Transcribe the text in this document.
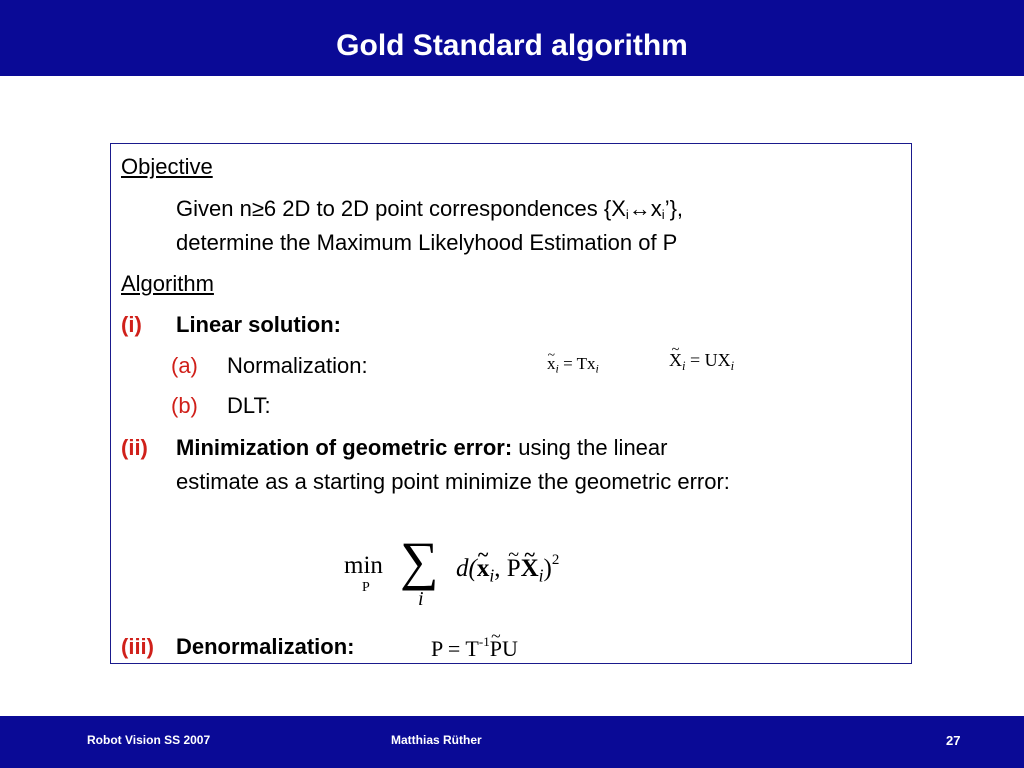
Gold Standard algorithm
Objective
Given n≥6 2D to 2D point correspondences $\{X_i\leftrightarrow x_i’\}$,
determine the Maximum Likelyhood Estimation of P
Algorithm
(i) Linear solution:
(a) Normalization:
(b) DLT:
(ii) Minimization of geometric error: using the linear
estimate as a starting point minimize the geometric error:
(iii) Denormalization:
~ $x_i = Tx_i$
~	$X_i = UX_i$
min
P ∑
i
d(~ $x_i$, ~ P~ $X_i)^2$
$P = T^{-1}\sim$ PU
Robot Vision SS 2007	Matthias Rüther	27
